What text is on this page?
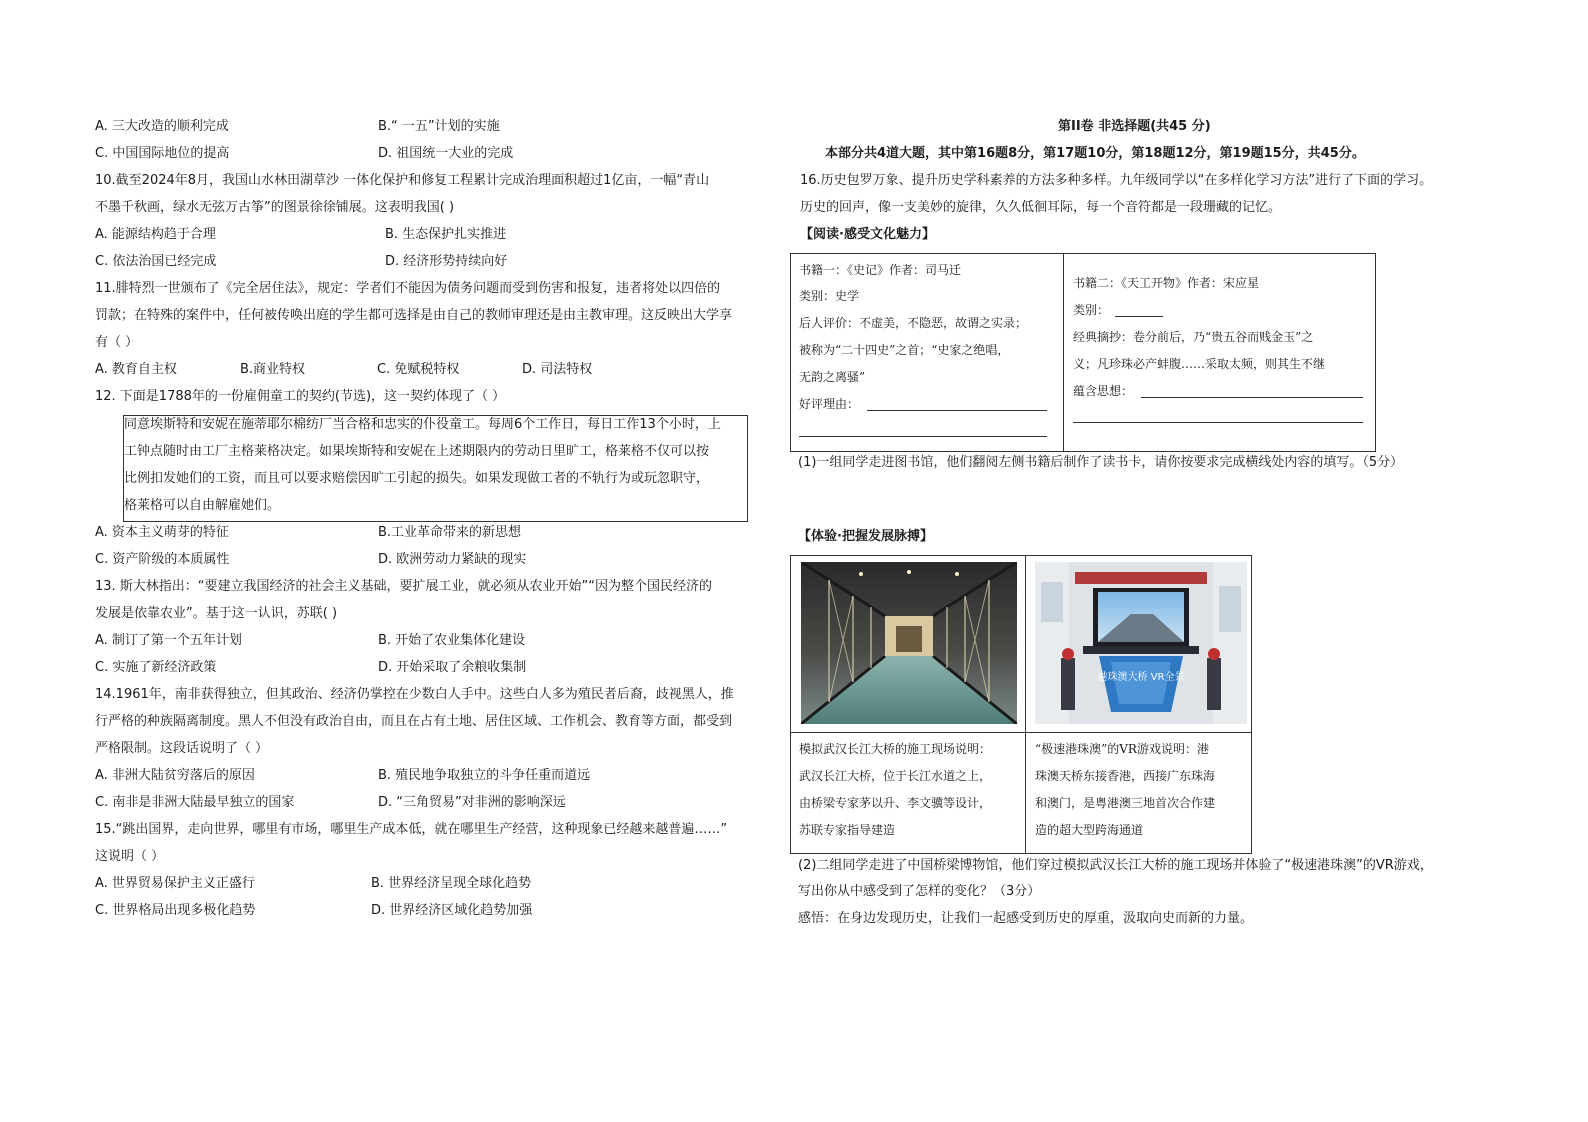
A. 三大改造的顺利完成	B.“ 一五”计划的实施
C. 中国国际地位的提高	D. 祖国统一大业的完成
10.截至2024年8月，我国山水林田湖草沙 一体化保护和修复工程累计完成治理面积超过1亿亩，一幅“青山
不墨千秋画，绿水无弦万古筝”的图景徐徐铺展。这表明我国( )
A. 能源结构趋于合理	B. 生态保护扎实推进
C. 依法治国已经完成	D. 经济形势持续向好
11.腓特烈一世颁布了《完全居住法》，规定：学者们不能因为债务问题而受到伤害和报复，违者将处以四倍的
罚款；在特殊的案件中，任何被传唤出庭的学生都可选择是由自己的教师审理还是由主教审理。这反映出大学享
有（ ）
A. 教育自主权	B.商业特权	C. 免赋税特权	D. 司法特权
12. 下面是1788年的一份雇佣童工的契约(节选)，这一契约体现了（ ）
同意埃斯特和安妮在施蒂耶尔棉纺厂当合格和忠实的仆役童工。每周6个工作日，每日工作13个小时，上
工钟点随时由工厂主格莱格决定。如果埃斯特和安妮在上述期限内的劳动日里旷工，格莱格不仅可以按
比例扣发她们的工资，而且可以要求赔偿因旷工引起的损失。如果发现做工者的不轨行为或玩忽职守，
格莱格可以自由解雇她们。
A. 资本主义萌芽的特征	B.工业革命带来的新思想
C. 资产阶级的本质属性	D. 欧洲劳动力紧缺的现实
13. 斯大林指出：“要建立我国经济的社会主义基础，要扩展工业，就必须从农业开始”“因为整个国民经济的
发展是依靠农业”。基于这一认识，苏联( )
A. 制订了第一个五年计划	B. 开始了农业集体化建设
C. 实施了新经济政策	D. 开始采取了余粮收集制
14.1961年，南非获得独立，但其政治、经济仍掌控在少数白人手中。这些白人多为殖民者后裔，歧视黑人，推
行严格的种族隔离制度。黑人不但没有政治自由，而且在占有土地、居住区域、工作机会、教育等方面，都受到
严格限制。这段话说明了（ ）
A. 非洲大陆贫穷落后的原因	B. 殖民地争取独立的斗争任重而道远
C. 南非是非洲大陆最早独立的国家	D. “三角贸易”对非洲的影响深远
15.“跳出国界，走向世界，哪里有市场，哪里生产成本低，就在哪里生产经营，这种现象已经越来越普遍……”
这说明（ ）
A. 世界贸易保护主义正盛行	B. 世界经济呈现全球化趋势
C. 世界格局出现多极化趋势	D. 世界经济区域化趋势加强
第II卷 非选择题(共45 分)
本部分共4道大题，其中第16题8分，第17题10分，第18题12分，第19题15分，共45分。
16.历史包罗万象、提升历史学科素养的方法多种多样。九年级同学以“在多样化学习方法”进行了下面的学习。
历史的回声，像一支美妙的旋律，久久低徊耳际，每一个音符都是一段珊藏的记忆。
【阅读·感受文化魅力】
书籍一：《史记》作者：司马迁
类别：史学
后人评价：不虚美，不隐恶，故谓之实录；
被称为“二十四史”之首；“史家之绝唱，
无韵之离骚”
好评理由：
书籍二：《天工开物》作者：宋应星
类别：
经典摘抄：卷分前后，乃“贵五谷而贱金玉”之
义；凡珍珠必产蚌腹……采取太频，则其生不继
蕴含思想：
(1)一组同学走进图书馆，他们翻阅左侧书籍后制作了读书卡，请你按要求完成横线处内容的填写。（5分）
【体验·把握发展脉搏】
港珠澳大桥 VR全景
模拟武汉长江大桥的施工现场说明：
武汉长江大桥，位于长江水道之上，
由桥梁专家茅以升、李文骥等设计，
苏联专家指导建造
“极速港珠澳”的VR游戏说明：港
珠澳天桥东接香港，西接广东珠海
和澳门，是粤港澳三地首次合作建
造的超大型跨海通道
(2)二组同学走进了中国桥梁博物馆，他们穿过模拟武汉长江大桥的施工现场并体验了“极速港珠澳”的VR游戏，
写出你从中感受到了怎样的变化？（3分）
感悟：在身边发现历史，让我们一起感受到历史的厚重，汲取向史而新的力量。
